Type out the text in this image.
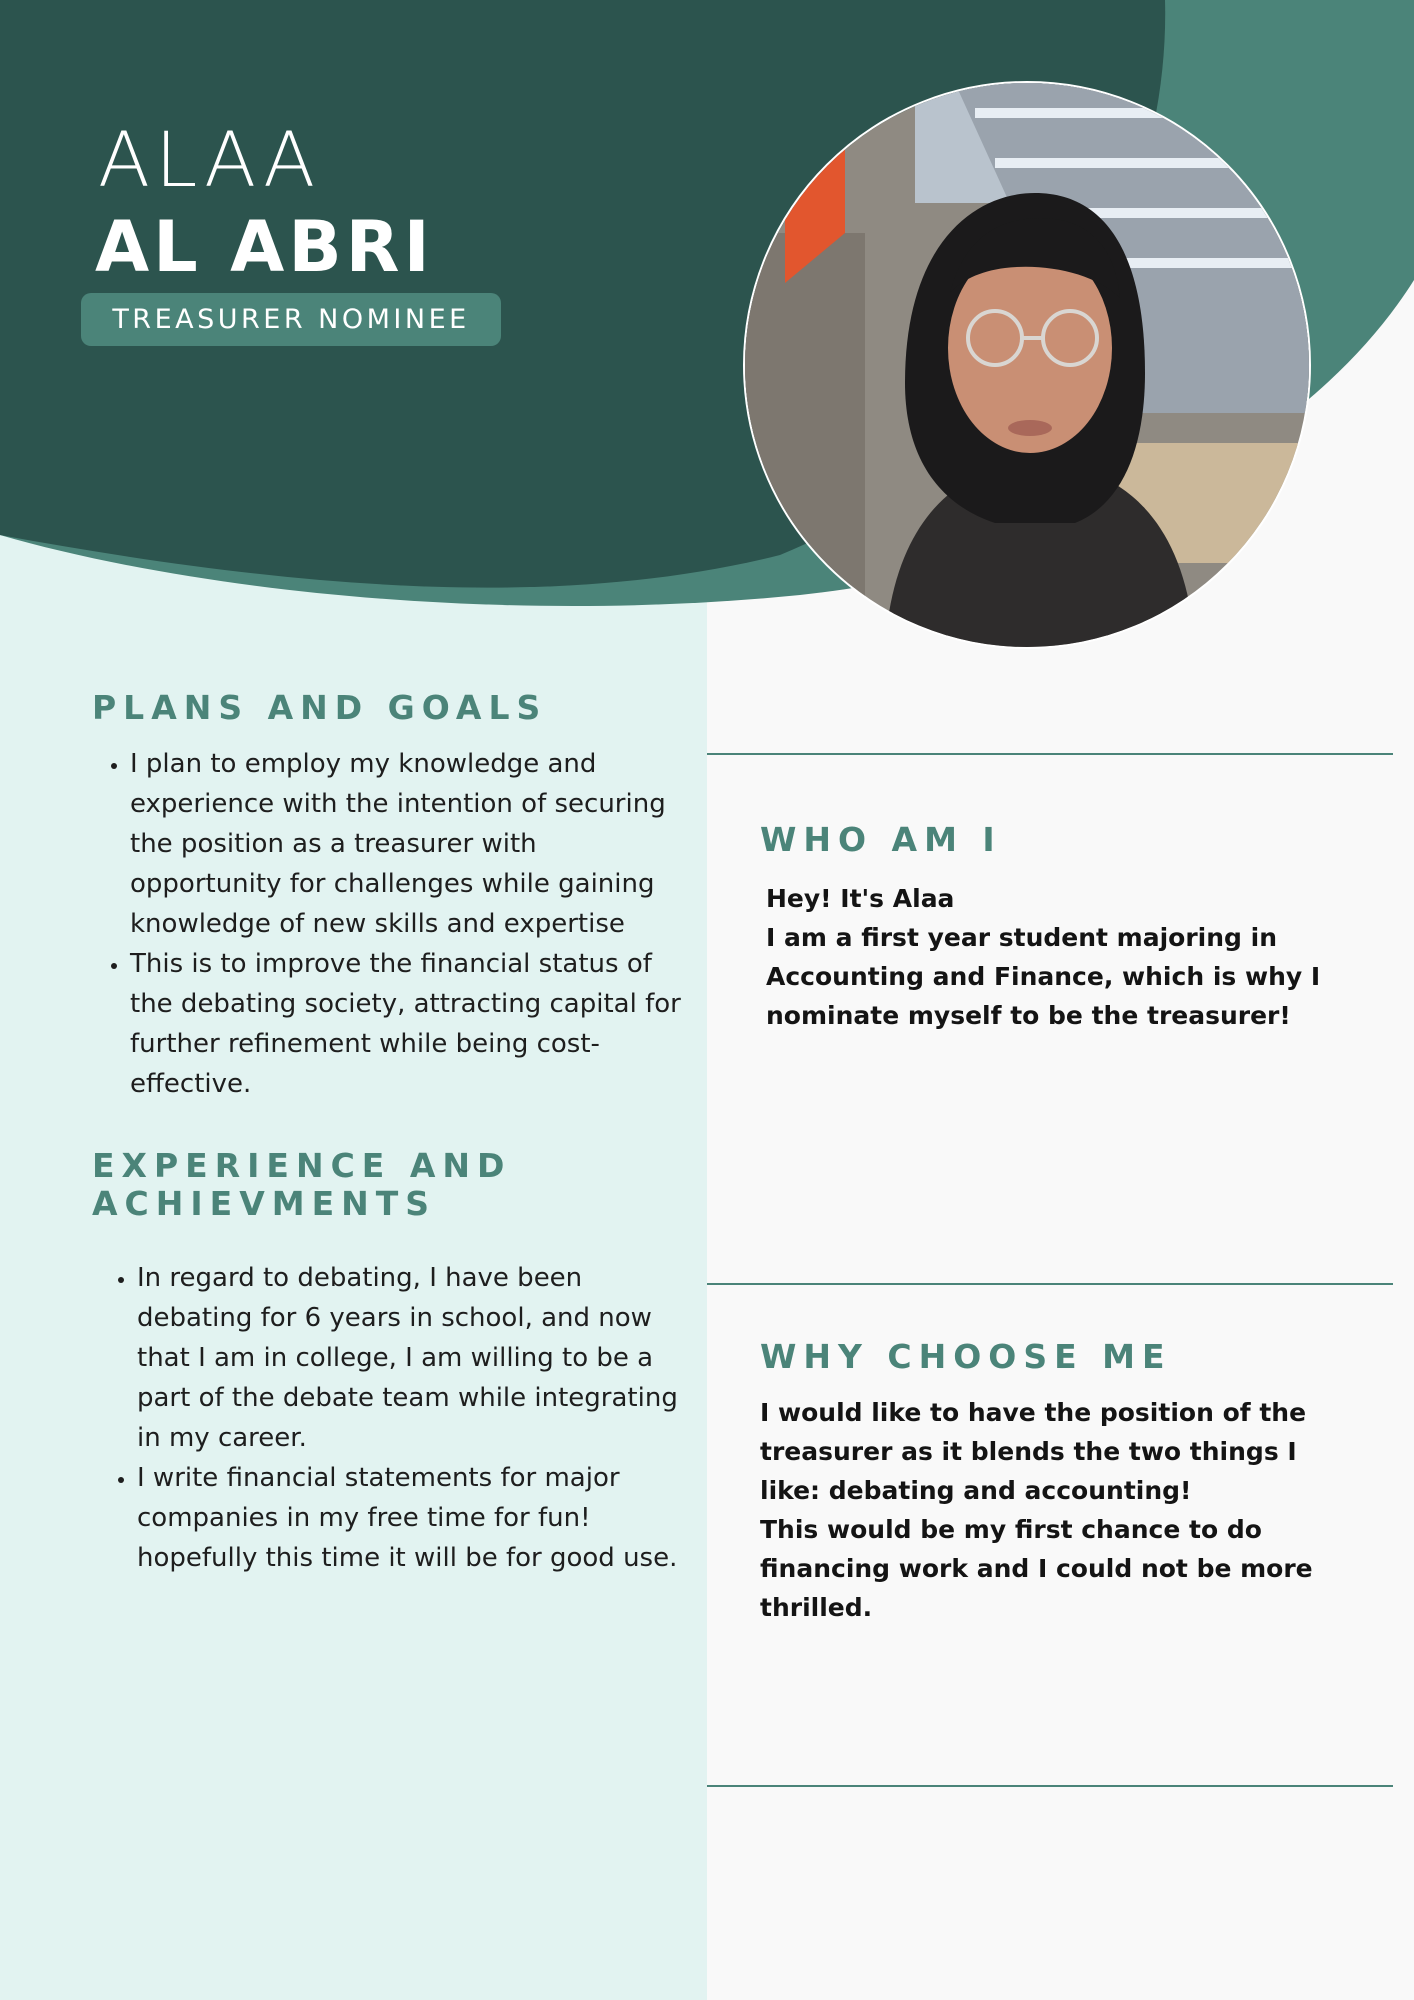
ALAA
AL ABRI
TREASURER NOMINEE
PLANS AND GOALS
• I plan to employ my knowledge and experience with the intention of securing the position as a treasurer with opportunity for challenges while gaining knowledge of new skills and expertise
• This is to improve the financial status of the debating society, attracting capital for further refinement while being cost-effective.
EXPERIENCE AND
ACHIEVMENTS
• In regard to debating, I have been debating for 6 years in school, and now that I am in college, I am willing to be a part of the debate team while integrating in my career.
• I write financial statements for major companies in my free time for fun! hopefully this time it will be for good use.
WHO AM I

Hey! It's Alaa
I am a first year student majoring in Accounting and Finance, which is why I nominate myself to be the treasurer!

WHY CHOOSE ME

I would like to have the position of the treasurer as it blends the two things I like: debating and accounting!
This would be my first chance to do financing work and I could not be more thrilled.
